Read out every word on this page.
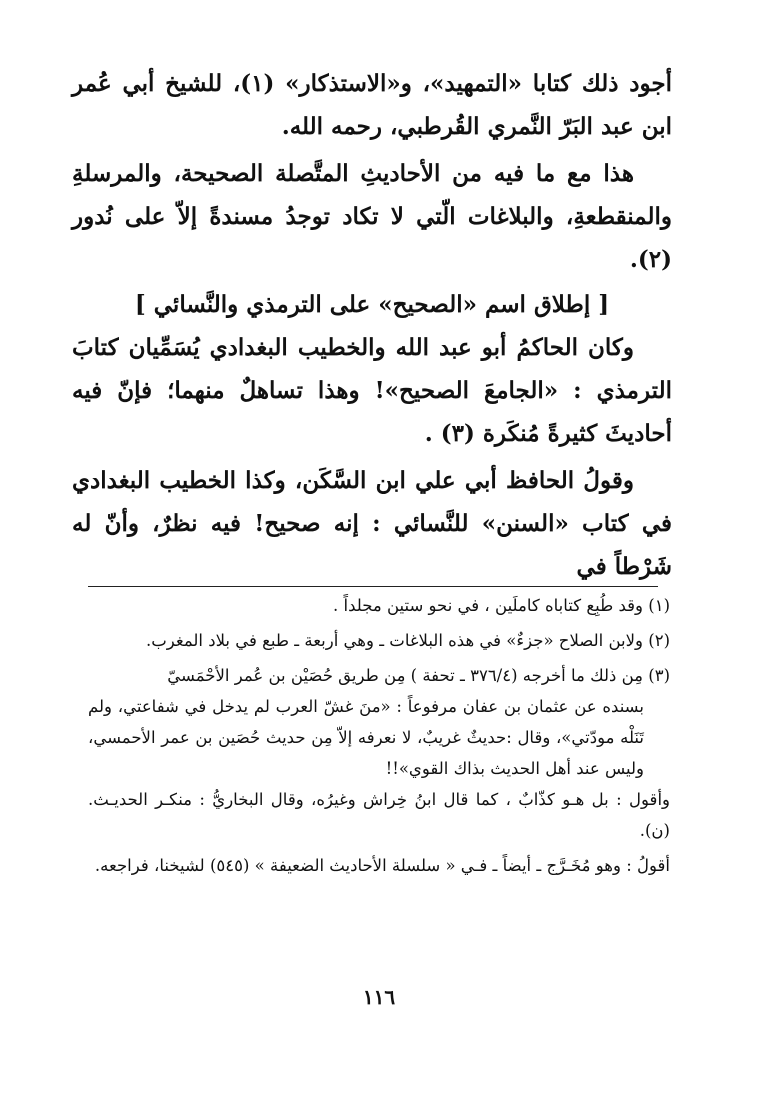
أجود ذلك كتابا «التمهيد»، و«الاستذكار» (١)، للشيخ أبي عُمر ابن عبد البَرّ النَّمري القُرطبي، رحمه الله.

هذا مع ما فيه من الأحاديثِ المتَّصلة الصحيحة، والمرسلةِ والمنقطعةِ، والبلاغات الّتي لا تكاد توجدُ مسندةً إلاّ على نُدور (٢).

[ إطلاق اسم «الصحيح» على الترمذي والنَّسائي ]

وكان الحاكمُ أبو عبد الله والخطيب البغدادي يُسَمِّيان كتابَ الترمذي : «الجامعَ الصحيح»! وهذا تساهلٌ منهما؛ فإنّ فيه أحاديثَ كثيرةً مُنكَرة (٣) .

وقولُ الحافظ أبي علي ابن السَّكَن، وكذا الخطيب البغدادي في كتاب «السنن» للنَّسائي : إنه صحيح! فيه نظرٌ، وأنّ له شَرْطاً في

(١) وقد طُبِع كتاباه كاملَين ، في نحو ستين مجلداً .

(٢) ولابن الصلاح «جزءٌ» في هذه البلاغات ـ وهي أربعة ـ طبع في بلاد المغرب.

(٣) مِن ذلك ما أخرجه (٣٧٦/٤ ـ تحفة ) مِن طريق حُصَيْن بن عُمر الأحْمَسيّ

بسنده عن عثمان بن عفان مرفوعاً : «منَ غشّ العرب لم يدخل في شفاعتي، ولم تَنَلْه مودّتي»، وقال :حديثٌ غريبٌ، لا نعرفه إلاّ مِن حديث حُصَين بن عمر الأحمسي، وليس عند أهل الحديث بذاك القوي»!!

وأقول : بل هـو كذّابٌ ، كما قال ابنُ خِراش وغيرُه، وقال البخاريُّ : منكـر الحديـث. (ن).

أقولُ : وهو مُخَـرَّج ـ أيضاً ـ فـي « سلسلة الأحاديث الضعيفة » (٥٤٥) لشيخنا، فراجعه.

١١٦
